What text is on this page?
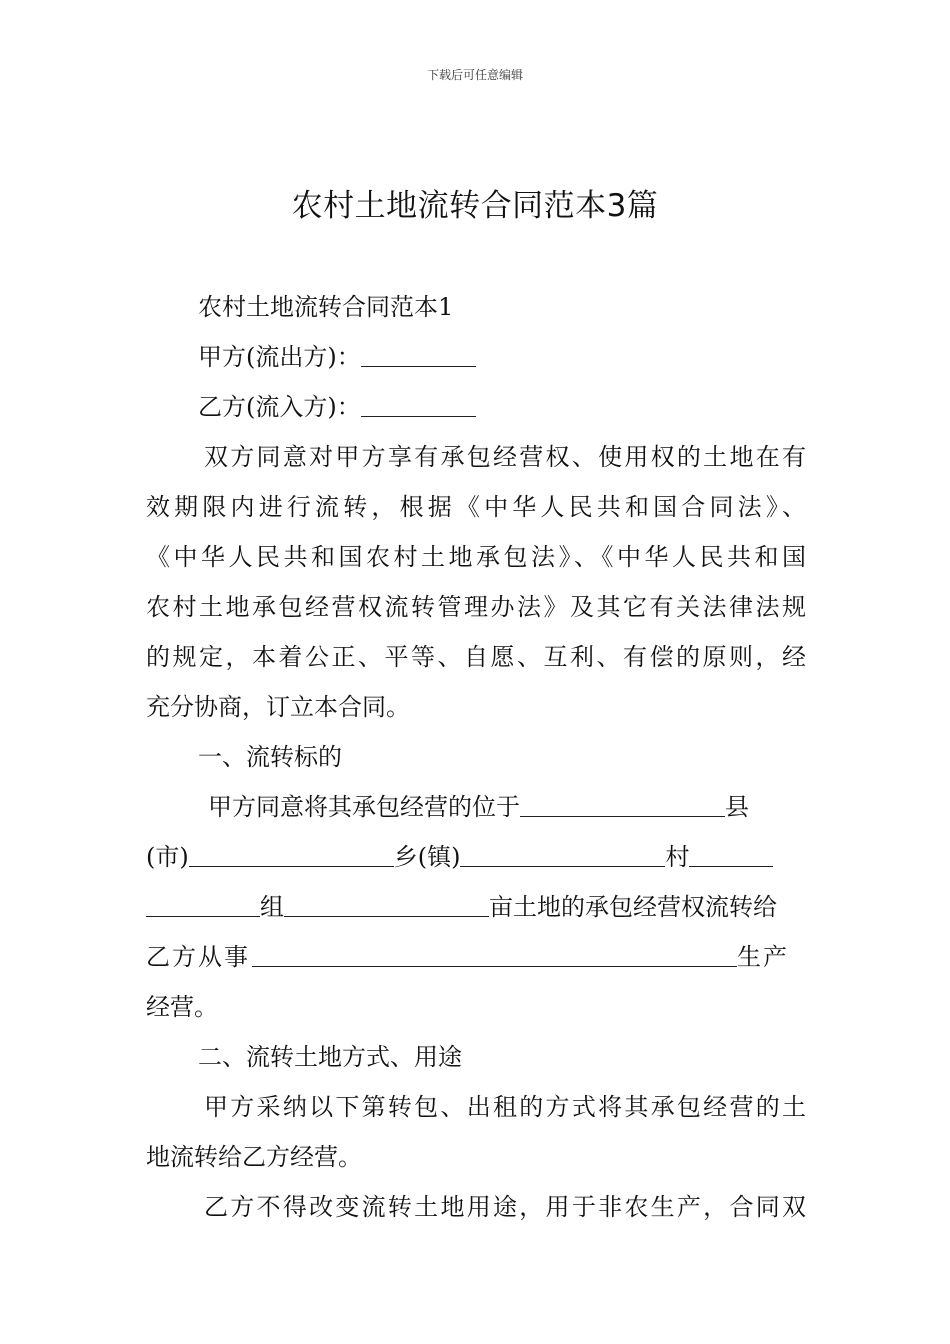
下载后可任意编辑
农村土地流转合同范本3篇
农村土地流转合同范本1
甲方(流出方)：
乙方(流入方)：
双方同意对甲方享有承包经营权、使用权的土地在有
效期限内进行流转，根据《中华人民共和国合同法》、
《中华人民共和国农村土地承包法》、《中华人民共和国
农村土地承包经营权流转管理办法》及其它有关法律法规
的规定，本着公正、平等、自愿、互利、有偿的原则，经
充分协商，订立本合同。
一、流转标的
甲方同意将其承包经营的位于	县
(市)	乡(镇)	村
组	亩土地的承包经营权流转给
乙方从事	生产
经营。
二、流转土地方式、用途
甲方采纳以下第转包、出租的方式将其承包经营的土
地流转给乙方经营。
乙方不得改变流转土地用途，用于非农生产，合同双
